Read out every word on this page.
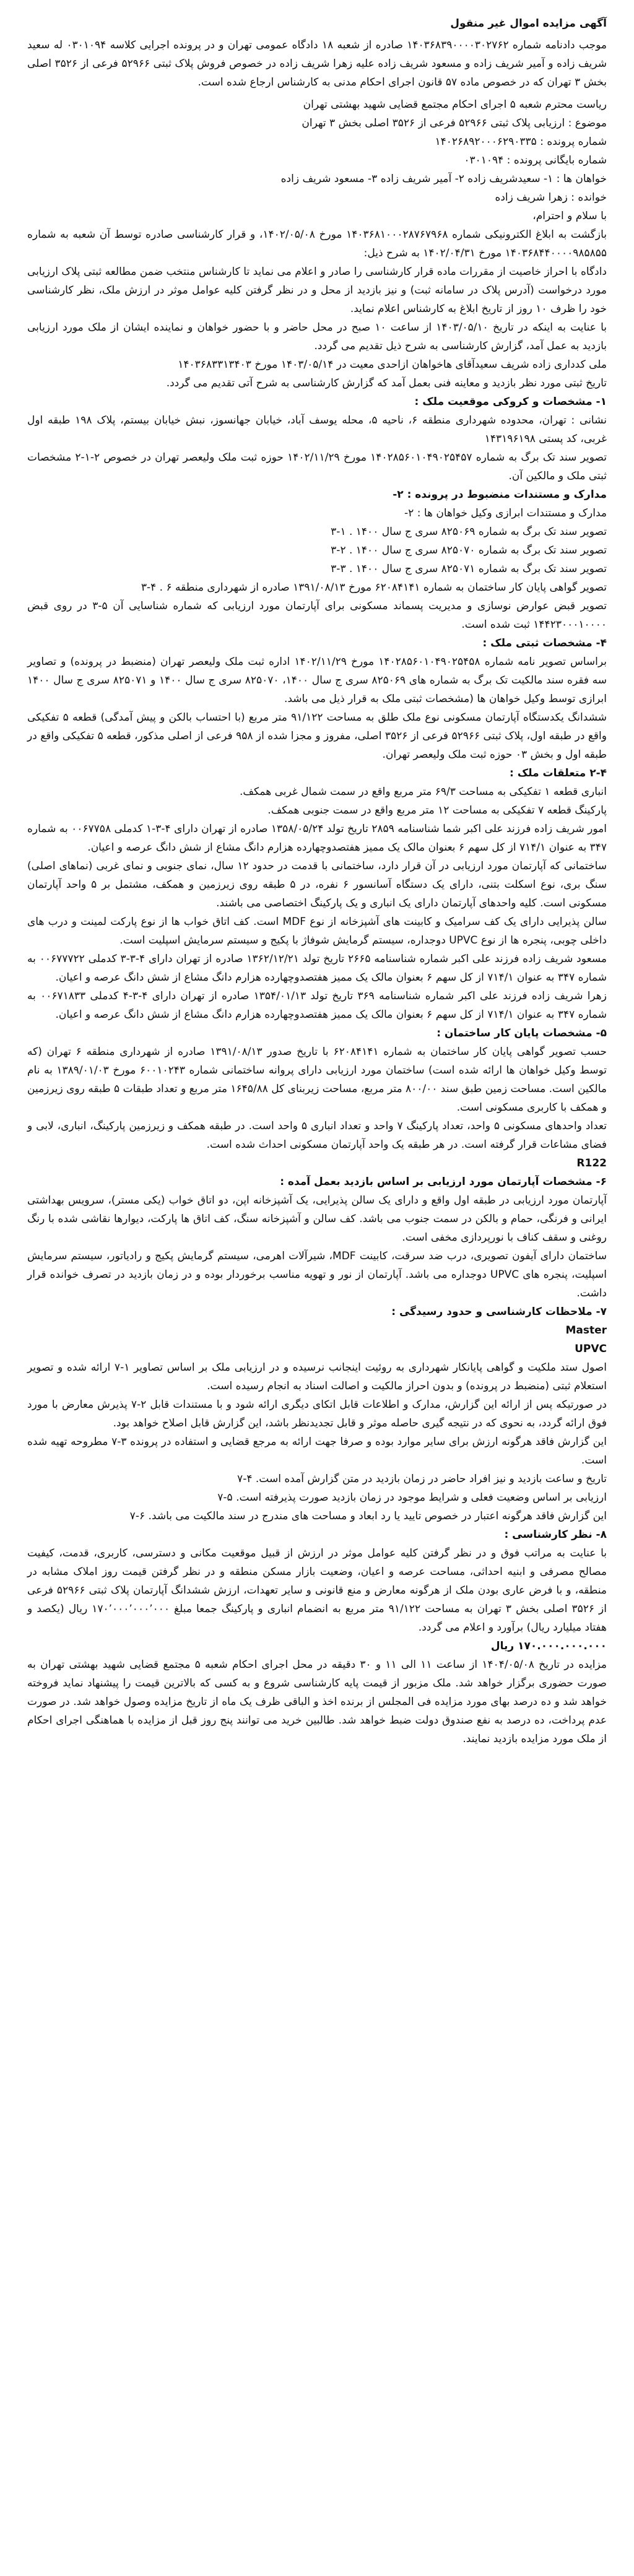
آگهی مزایده اموال غیر منقول

موجب دادنامه شماره ۱۴۰۳۶۸۳۹۰۰۰۰۳۰۲۷۶۲ صادره از شعبه ۱۸ دادگاه عمومی تهران و در پرونده اجرایی کلاسه ۰۳۰۱۰۹۴ له سعید شریف زاده و آمیر شریف زاده و مسعود شریف زاده علیه زهرا شریف زاده در خصوص فروش پلاک ثبتی ۵۲۹۶۶ فرعی از ۳۵۲۶ اصلی بخش ۳ تهران که در خصوص ماده ۵۷ قانون اجرای احکام مدنی به کارشناس ارجاع شده است.

ریاست محترم شعبه ۵ اجرای احکام مجتمع قضایی شهید بهشتی تهران

موضوع : ارزیابی پلاک ثبتی ۵۲۹۶۶ فرعی از ۳۵۲۶ اصلی بخش ۳ تهران

شماره پرونده : ۱۴۰۲۶۸۹۲۰۰۰۶۲۹۰۳۳۵

شماره بایگانی پرونده : ۰۳۰۱۰۹۴

خواهان ها : ۱- سعیدشریف زاده ۲- آمیر شریف زاده ۳- مسعود شریف زاده

خوانده : زهرا شریف زاده

با سلام و احترام،

بازگشت به ابلاغ الکترونیکی شماره ۱۴۰۳۶۸۱۰۰۰۲۸۷۶۷۹۶۸ مورخ ۱۴۰۲/۰۵/۰۸، و قرار کارشناسی صادره توسط آن شعبه به شماره ۱۴۰۳۶۸۴۴۰۰۰۰۹۸۵۸۵۵ مورخ ۱۴۰۲/۰۴/۳۱ به شرح ذیل:

دادگاه با احراز خاصیت از مقررات ماده قرار کارشناسی را صادر و اعلام می نماید تا کارشناس منتخب ضمن مطالعه ثبتی پلاک ارزیابی مورد درخواست (آدرس پلاک در سامانه ثبت) و نیز بازدید از محل و در نظر گرفتن کلیه عوامل موثر در ارزش ملک، نظر کارشناسی خود را ظرف ۱۰ روز از تاریخ ابلاغ به کارشناس اعلام نماید.

با عنایت به اینکه در تاریخ ۱۴۰۳/۰۵/۱۰ از ساعت ۱۰ صبح در محل حاضر و با حضور خواهان و نماینده ایشان از ملک مورد ارزیابی بازدید به عمل آمد، گزارش کارشناسی به شرح ذیل تقدیم می گردد.

ملی کدداری زاده شریف سعیدآقای هاخواهان ازاحدی معیت در ۱۴۰۳/۰۵/۱۴ مورخ ۱۴۰۳۶۸۳۳۱۳۴۰۳

تاریخ ثبتی مورد نظر بازدید و معاینه فنی بعمل آمد که گزارش کارشناسی به شرح آتی تقدیم می گردد.

۱- مشخصات و کروکی موقعیت ملک :

نشانی : تهران، محدوده شهرداری منطقه ۶، ناحیه ۵، محله یوسف آباد، خیابان جهانسوز، نبش خیابان بیستم، پلاک ۱۹۸ طبقه اول غربی، کد پستی ۱۴۳۱۹۶۱۹۸

تصویر سند تک برگ به شماره ۱۴۰۲۸۵۶۰۱۰۴۹۰۲۵۴۵۷ مورخ ۱۴۰۲/۱۱/۲۹ حوزه ثبت ملک ولیعصر تهران در خصوص ۲-۱-۲ مشخصات ثبتی ملک و مالکین آن.

مدارک و مستندات منضبوط در پرونده : ۲-

مدارک و مستندات ابرازی وکیل خواهان ها : ۲-

تصویر سند تک برگ به شماره ۸۲۵۰۶۹ سری ج سال ۱۴۰۰ . ۱-۳

تصویر سند تک برگ به شماره ۸۲۵۰۷۰ سری ج سال ۱۴۰۰ . ۲-۳

تصویر سند تک برگ به شماره ۸۲۵۰۷۱ سری ج سال ۱۴۰۰ . ۳-۳

تصویر گواهی پایان کار ساختمان به شماره ۶۲۰۸۴۱۴۱ مورخ ۱۳۹۱/۰۸/۱۳ صادره از شهرداری منطقه ۶ . ۴-۳

تصویر قبض عوارض نوسازی و مدیریت پسماند مسکونی برای آپارتمان مورد ارزیابی که شماره شناسایی آن ۵-۳ در روی قبض ۱۴۴۲۳۰۰۰۱۰۰۰۰ ثبت شده است.

۴- مشخصات ثبتی ملک :

براساس تصویر نامه شماره ۱۴۰۲۸۵۶۰۱۰۴۹۰۲۵۴۵۸ مورخ ۱۴۰۲/۱۱/۲۹ اداره ثبت ملک ولیعصر تهران (منضبط در پرونده) و تصاویر سه فقره سند مالکیت تک برگ به شماره های ۸۲۵۰۶۹ سری ج سال ۱۴۰۰، ۸۲۵۰۷۰ سری ج سال ۱۴۰۰ و ۸۲۵۰۷۱ سری ج سال ۱۴۰۰ ابرازی توسط وکیل خواهان ها (مشخصات ثبتی ملک به قرار ذیل می باشد.

ششدانگ یکدستگاه آپارتمان مسکونی نوع ملک طلق به مساحت ۹۱/۱۲۲ متر مربع (با احتساب بالکن و پیش آمدگی) قطعه ۵ تفکیکی واقع در طبقه اول، پلاک ثبتی ۵۲۹۶۶ فرعی از ۳۵۲۶ اصلی، مفروز و مجزا شده از ۹۵۸ فرعی از اصلی مذکور، قطعه ۵ تفکیکی واقع در طبقه اول و بخش ۰۳ حوزه ثبت ملک ولیعصر تهران.

۲-۴ متعلقات ملک :

انباری قطعه ۱ تفکیکی به مساحت ۶۹/۳ متر مربع واقع در سمت شمال غربی همکف.

پارکینگ قطعه ۷ تفکیکی به مساحت ۱۲ متر مربع واقع در سمت جنوبی همکف.

امور شریف زاده فرزند علی اکبر شما شناسنامه ۲۸۵۹ تاریخ تولد ۱۳۵۸/۰۵/۲۴ صادره از تهران دارای ۴-۳-۱ کدملی ۰۰۶۷۷۵۸ به شماره ۳۴۷ به عنوان ۷۱۴/۱ از کل سهم ۶ بعنوان مالک یک ممیز هفتصدوچهارده هزارم دانگ مشاع از شش دانگ عرصه و اعیان.

ساختمانی که آپارتمان مورد ارزیابی در آن قرار دارد، ساختمانی با قدمت در حدود ۱۲ سال، نمای جنوبی و نمای غربی (نماهای اصلی) سنگ بری، نوع اسکلت بتنی، دارای یک دستگاه آسانسور ۶ نفره، در ۵ طبقه روی زیرزمین و همکف، مشتمل بر ۵ واحد آپارتمان مسکونی است. کلیه واحدهای آپارتمان دارای یک انباری و یک پارکینگ اختصاصی می باشند.

سالن پذیرایی دارای یک کف سرامیک و کابینت های آشپزخانه از نوع MDF است. کف اتاق خواب ها از نوع پارکت لمینت و درب های داخلی چوبی، پنجره ها از نوع UPVC دوجداره، سیستم گرمایش شوفاژ با پکیج و سیستم سرمایش اسپلیت است.

مسعود شریف زاده فرزند علی اکبر شماره شناسنامه ۲۶۶۵ تاریخ تولد ۱۳۶۲/۱۲/۲۱ صادره از تهران دارای ۴-۳-۳ کدملی ۰۰۶۷۷۷۲۲ به شماره ۳۴۷ به عنوان ۷۱۴/۱ از کل سهم ۶ بعنوان مالک یک ممیز هفتصدوچهارده هزارم دانگ مشاع از شش دانگ عرصه و اعیان.

زهرا شریف زاده فرزند علی اکبر شماره شناسنامه ۳۶۹ تاریخ تولد ۱۳۵۴/۰۱/۱۳ صادره از تهران دارای ۴-۳-۴ کدملی ۰۰۶۷۱۸۳۳ به شماره ۳۴۷ به عنوان ۷۱۴/۱ از کل سهم ۶ بعنوان مالک یک ممیز هفتصدوچهارده هزارم دانگ مشاع از شش دانگ عرصه و اعیان.

۵- مشخصات پایان کار ساختمان :

حسب تصویر گواهی پایان کار ساختمان به شماره ۶۲۰۸۴۱۴۱ با تاریخ صدور ۱۳۹۱/۰۸/۱۳ صادره از شهرداری منطقه ۶ تهران (که توسط وکیل خواهان ها ارائه شده است) ساختمان مورد ارزیابی دارای پروانه ساختمانی شماره ۶۰۰۱۰۲۴۳ مورخ ۱۳۸۹/۰۱/۰۳ به نام مالکین است. مساحت زمین طبق سند ۸۰۰/۰۰ متر مربع، مساحت زیربنای کل ۱۶۴۵/۸۸ متر مربع و تعداد طبقات ۵ طبقه روی زیرزمین و همکف با کاربری مسکونی است.

تعداد واحدهای مسکونی ۵ واحد، تعداد پارکینگ ۷ واحد و تعداد انباری ۵ واحد است. در طبقه همکف و زیرزمین پارکینگ، انباری، لابی و فضای مشاعات قرار گرفته است. در هر طبقه یک واحد آپارتمان مسکونی احداث شده است.

R122

۶- مشخصات آپارتمان مورد ارزیابی بر اساس بازدید بعمل آمده :

آپارتمان مورد ارزیابی در طبقه اول واقع و دارای یک سالن پذیرایی، یک آشپزخانه اپن، دو اتاق خواب (یکی مستر)، سرویس بهداشتی ایرانی و فرنگی، حمام و بالکن در سمت جنوب می باشد. کف سالن و آشپزخانه سنگ، کف اتاق ها پارکت، دیوارها نقاشی شده با رنگ روغنی و سقف کناف با نورپردازی مخفی است.

ساختمان دارای آیفون تصویری، درب ضد سرقت، کابینت MDF، شیرآلات اهرمی، سیستم گرمایش پکیج و رادیاتور، سیستم سرمایش اسپلیت، پنجره های UPVC دوجداره می باشد. آپارتمان از نور و تهویه مناسب برخوردار بوده و در زمان بازدید در تصرف خوانده قرار داشت.

۷- ملاحظات کارشناسی و حدود رسیدگی :

Master

UPVC

اصول ستد ملکیت و گواهی پایانکار شهرداری به روئیت اینجانب نرسیده و در ارزیابی ملک بر اساس تصاویر ۱-۷ ارائه شده و تصویر استعلام ثبتی (منضبط در پرونده) و بدون احراز مالکیت و اصالت اسناد به انجام رسیده است.

در صورتیکه پس از ارائه این گزارش، مدارک و اطلاعات قابل اتکای دیگری ارائه شود و با مستندات قابل ۲-۷ پذیرش معارض با مورد فوق ارائه گردد، به نحوی که در نتیجه گیری حاصله موثر و قابل تجدیدنظر باشد، این گزارش قابل اصلاح خواهد بود.

این گزارش فاقد هرگونه ارزش برای سایر موارد بوده و صرفا جهت ارائه به مرجع قضایی و استفاده در پرونده ۳-۷ مطروحه تهیه شده است.

تاریخ و ساعت بازدید و نیز افراد حاضر در زمان بازدید در متن گزارش آمده است. ۴-۷

ارزیابی بر اساس وضعیت فعلی و شرایط موجود در زمان بازدید صورت پذیرفته است. ۵-۷

این گزارش فاقد هرگونه اعتبار در خصوص تایید یا رد ابعاد و مساحت های مندرج در سند مالکیت می باشد. ۶-۷

۸- نظر کارشناسی :

با عنایت به مراتب فوق و در نظر گرفتن کلیه عوامل موثر در ارزش از قبیل موقعیت مکانی و دسترسی، کاربری، قدمت، کیفیت مصالح مصرفی و ابنیه احداثی، مساحت عرصه و اعیان، وضعیت بازار مسکن منطقه و در نظر گرفتن قیمت روز املاک مشابه در منطقه، و با فرض عاری بودن ملک از هرگونه معارض و منع قانونی و سایر تعهدات، ارزش ششدانگ آپارتمان پلاک ثبتی ۵۲۹۶۶ فرعی از ۳۵۲۶ اصلی بخش ۳ تهران به مساحت ۹۱/۱۲۲ متر مربع به انضمام انباری و پارکینگ جمعا مبلغ ۱۷۰٬۰۰۰٬۰۰۰٬۰۰۰ ریال (یکصد و هفتاد میلیارد ریال) برآورد و اعلام می گردد.

۱۷۰.۰۰۰.۰۰۰.۰۰۰ ریال

مزایده در تاریخ ۱۴۰۴/۰۵/۰۸ از ساعت ۱۱ الی ۱۱ و ۳۰ دقیقه در محل اجرای احکام شعبه ۵ مجتمع قضایی شهید بهشتی تهران به صورت حضوری برگزار خواهد شد. ملک مزبور از قیمت پایه کارشناسی شروع و به کسی که بالاترین قیمت را پیشنهاد نماید فروخته خواهد شد و ده درصد بهای مورد مزایده فی المجلس از برنده اخذ و الباقی ظرف یک ماه از تاریخ مزایده وصول خواهد شد. در صورت عدم پرداخت، ده درصد به نفع صندوق دولت ضبط خواهد شد. طالبین خرید می توانند پنج روز قبل از مزایده با هماهنگی اجرای احکام از ملک مورد مزایده بازدید نمایند.
